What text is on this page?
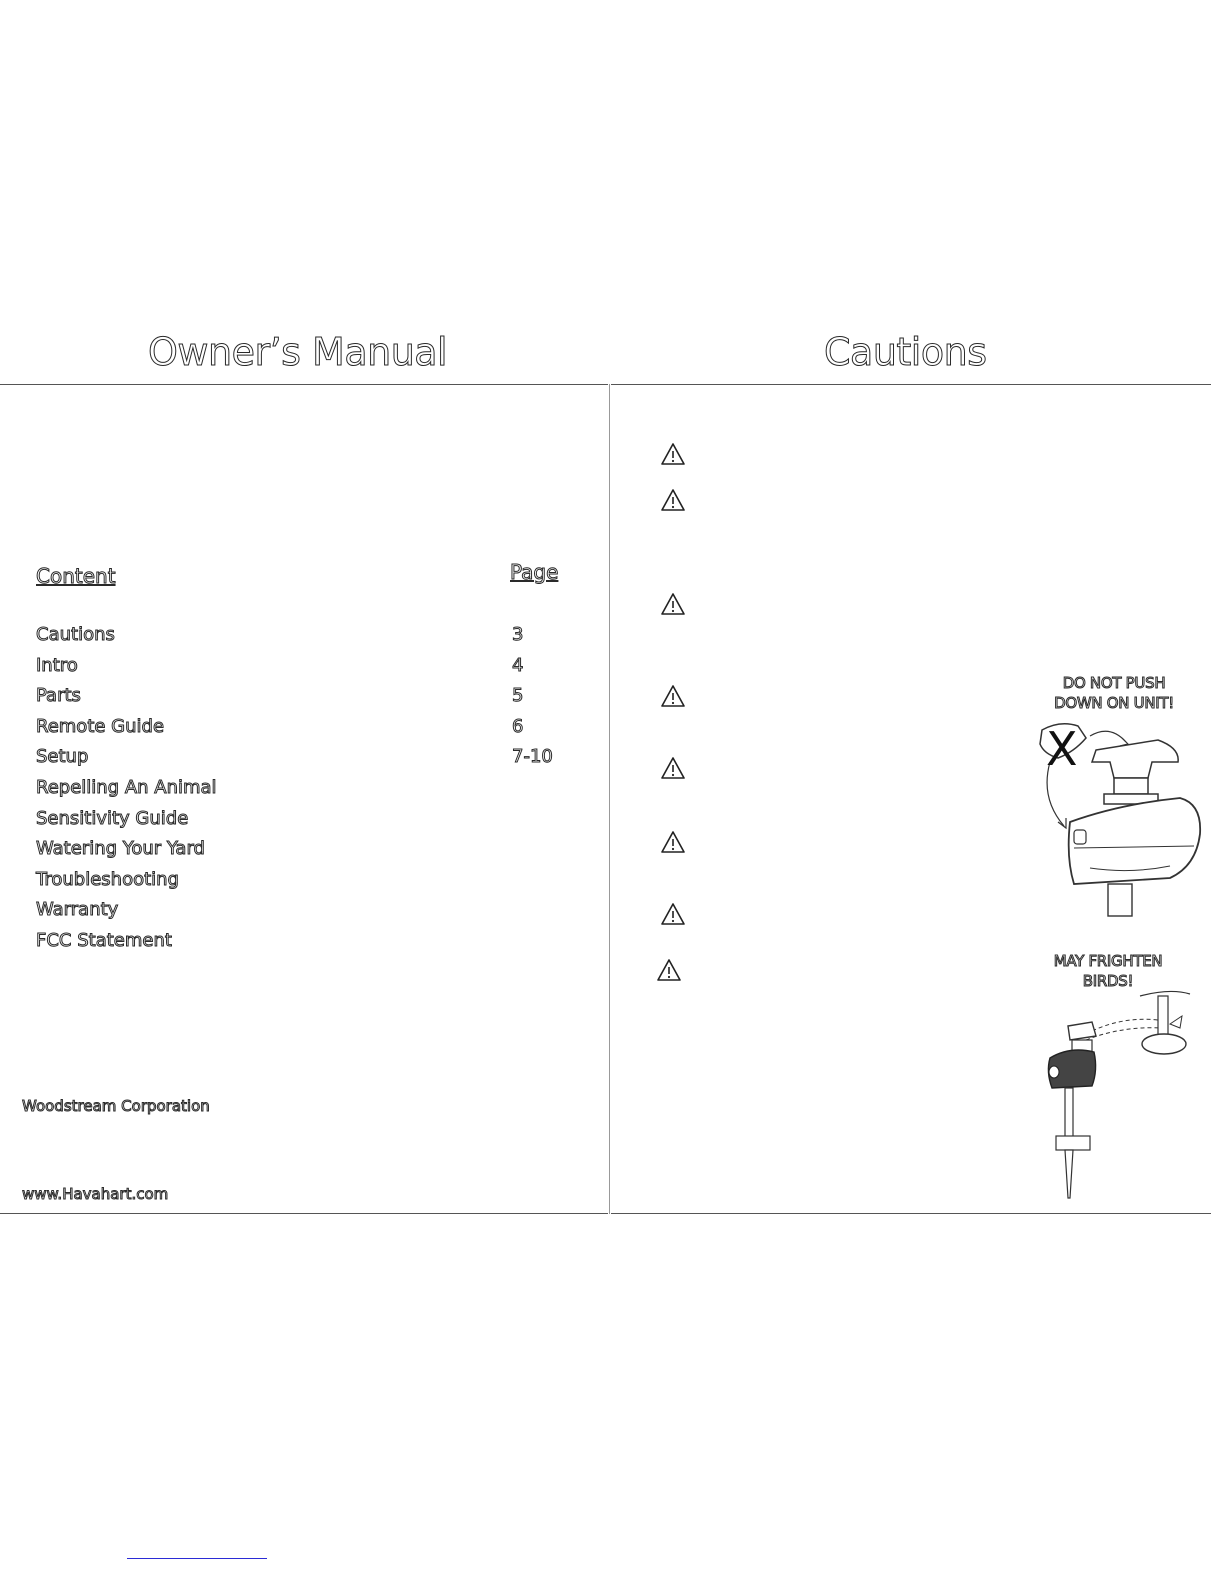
Owner’s Manual
Content	Page
Cautions	3
Intro	4
Parts	5
Remote Guide	6
Setup	7-10
Repelling An Animal
Sensitivity Guide
Watering Your Yard
Troubleshooting
Warranty
FCC Statement
Woodstream Corporation
www.Havahart.com
Cautions
DO NOT PUSH
DOWN ON UNIT!
X
MAY FRIGHTEN
BIRDS!
